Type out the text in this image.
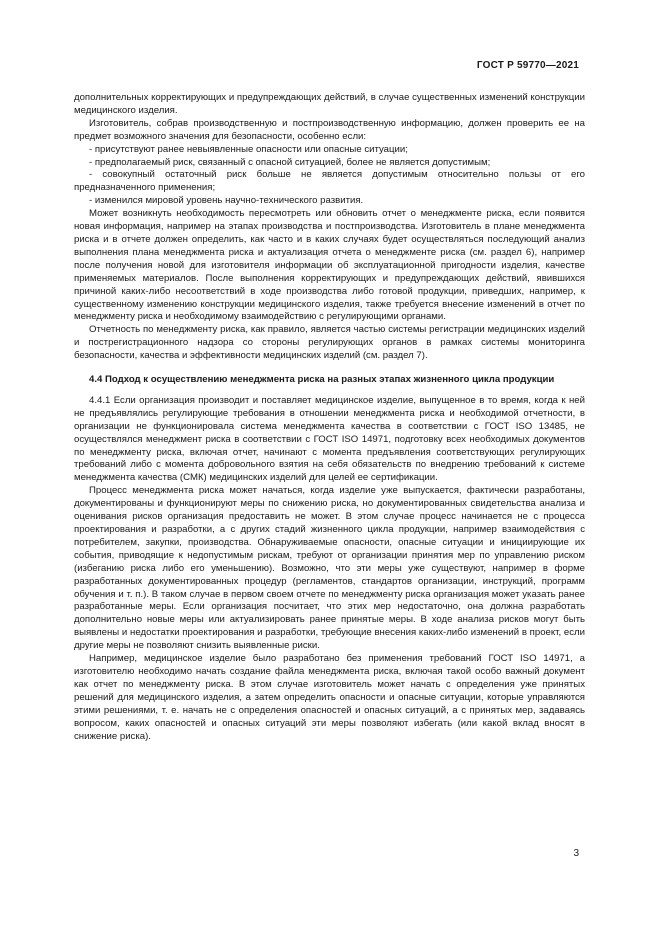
ГОСТ Р 59770—2021

дополнительных корректирующих и предупреждающих действий, в случае существенных изменений конструкции медицинского изделия.

Изготовитель, собрав производственную и постпроизводственную информацию, должен проверить ее на предмет возможного значения для безопасности, особенно если:

- присутствуют ранее невыявленные опасности или опасные ситуации;

- предполагаемый риск, связанный с опасной ситуацией, более не является допустимым;

- совокупный остаточный риск больше не является допустимым относительно пользы от его предназначенного применения;

- изменился мировой уровень научно-технического развития.

Может возникнуть необходимость пересмотреть или обновить отчет о менеджменте риска, если появится новая информация, например на этапах производства и постпроизводства. Изготовитель в плане менеджмента риска и в отчете должен определить, как часто и в каких случаях будет осуществляться последующий анализ выполнения плана менеджмента риска и актуализация отчета о менеджменте риска (см. раздел 6), например после получения новой для изготовителя информации об эксплуатационной пригодности изделия, качестве применяемых материалов. После выполнения корректирующих и предупреждающих действий, явившихся причиной каких-либо несоответствий в ходе производства либо готовой продукции, приведших, например, к существенному изменению конструкции медицинского изделия, также требуется внесение изменений в отчет по менеджменту риска и необходимому взаимодействию с регулирующими органами.

Отчетность по менеджменту риска, как правило, является частью системы регистрации медицинских изделий и пострегистрационного надзора со стороны регулирующих органов в рамках системы мониторинга безопасности, качества и эффективности медицинских изделий (см. раздел 7).

4.4 Подход к осуществлению менеджмента риска на разных этапах жизненного цикла продукции

4.4.1 Если организация производит и поставляет медицинское изделие, выпущенное в то время, когда к ней не предъявлялись регулирующие требования в отношении менеджмента риска и необходимой отчетности, в организации не функционировала система менеджмента качества в соответствии с ГОСТ ISO 13485, не осуществлялся менеджмент риска в соответствии с ГОСТ ISO 14971, подготовку всех необходимых документов по менеджменту риска, включая отчет, начинают с момента предъявления соответствующих регулирующих требований либо с момента добровольного взятия на себя обязательств по внедрению требований к системе менеджмента качества (СМК) медицинских изделий для целей ее сертификации.

Процесс менеджмента риска может начаться, когда изделие уже выпускается, фактически разработаны, документированы и функционируют меры по снижению риска, но документированных свидетельства анализа и оценивания рисков организация предоставить не может. В этом случае процесс начинается не с процесса проектирования и разработки, а с других стадий жизненного цикла продукции, например взаимодействия с потребителем, закупки, производства. Обнаруживаемые опасности, опасные ситуации и инициирующие их события, приводящие к недопустимым рискам, требуют от организации принятия мер по управлению риском (избеганию риска либо его уменьшению). Возможно, что эти меры уже существуют, например в форме разработанных документированных процедур (регламентов, стандартов организации, инструкций, программ обучения и т. п.). В таком случае в первом своем отчете по менеджменту риска организация может указать ранее разработанные меры. Если организация посчитает, что этих мер недостаточно, она должна разработать дополнительно новые меры или актуализировать ранее принятые меры. В ходе анализа рисков могут быть выявлены и недостатки проектирования и разработки, требующие внесения каких-либо изменений в проект, если другие меры не позволяют снизить выявленные риски.

Например, медицинское изделие было разработано без применения требований ГОСТ ISO 14971, а изготовителю необходимо начать создание файла менеджмента риска, включая такой особо важный документ как отчет по менеджменту риска. В этом случае изготовитель может начать с определения уже принятых решений для медицинского изделия, а затем определить опасности и опасные ситуации, которые управляются этими решениями, т. е. начать не с определения опасностей и опасных ситуаций, а с принятых мер, задаваясь вопросом, каких опасностей и опасных ситуаций эти меры позволяют избегать (или какой вклад вносят в снижение риска).

3
